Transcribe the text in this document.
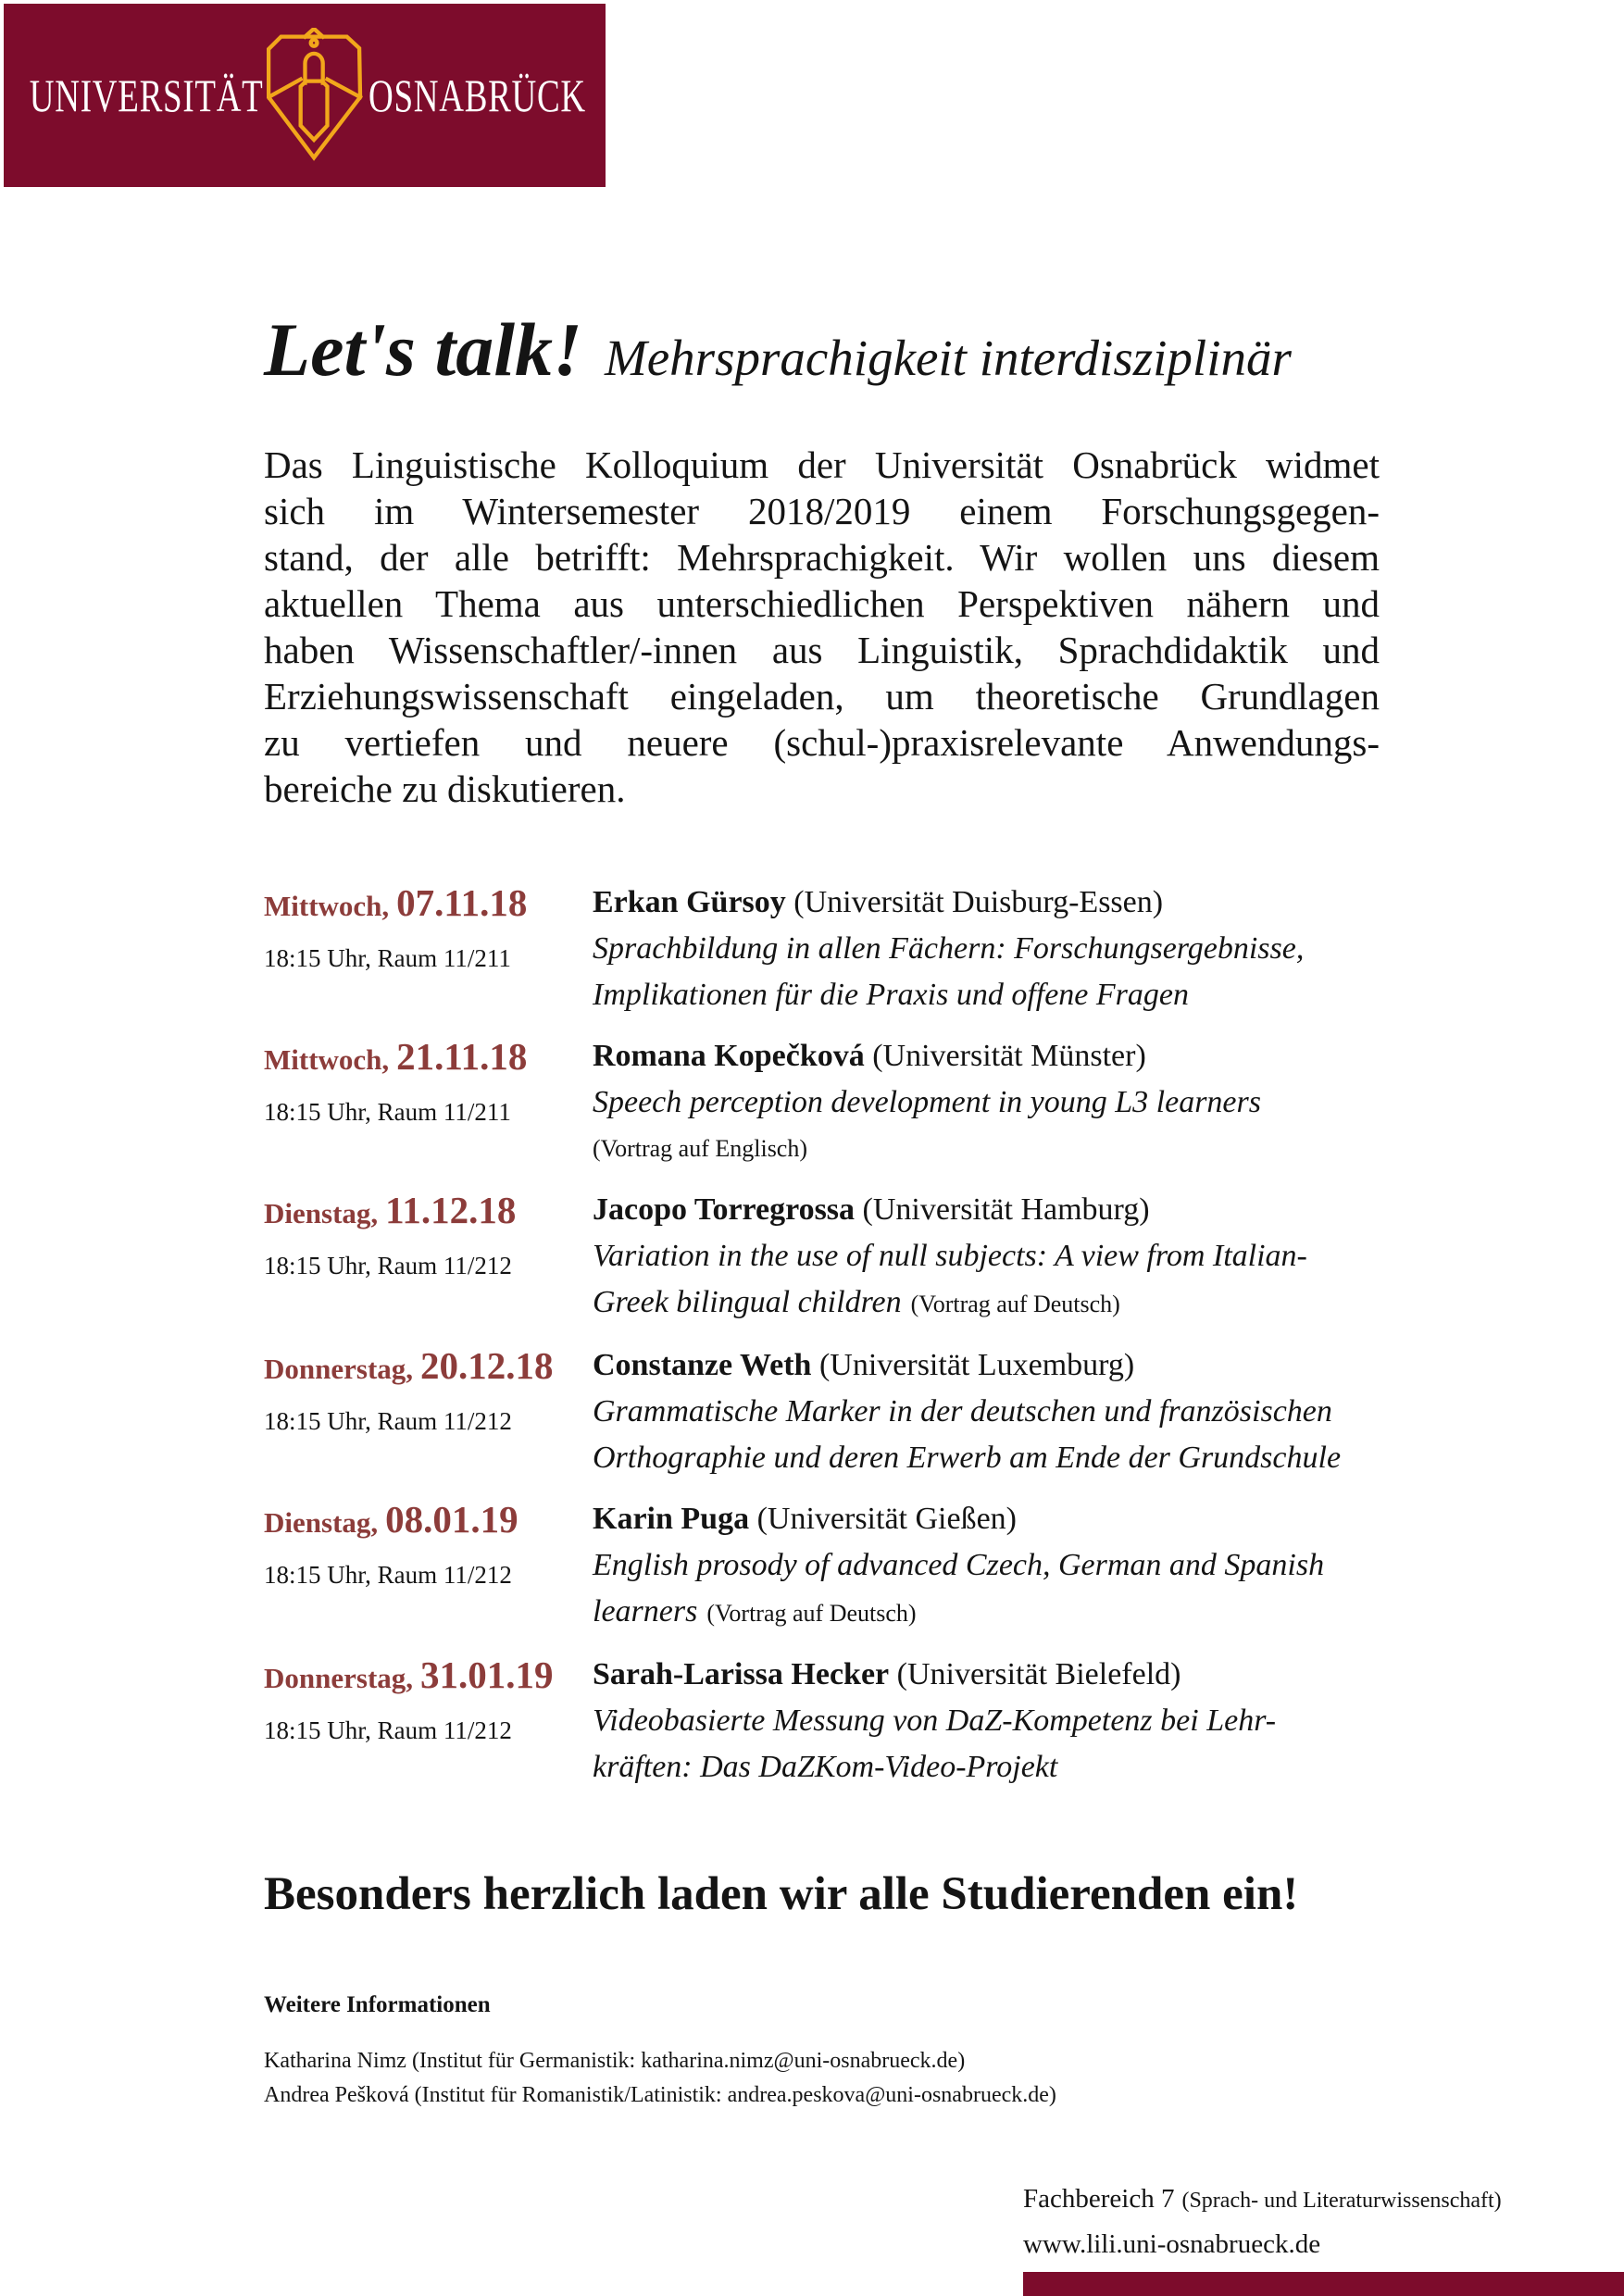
UNIVERSITÄT OSNABRÜCK
Let's talk! Mehrsprachigkeit interdisziplinär
Das Linguistische Kolloquium der Universität Osnabrück widmet
sich im Wintersemester 2018/2019 einem Forschungsgegen-
stand, der alle betrifft: Mehrsprachigkeit. Wir wollen uns diesem
aktuellen Thema aus unterschiedlichen Perspektiven nähern und
haben Wissenschaftler/-innen aus Linguistik, Sprachdidaktik und
Erziehungswissenschaft eingeladen, um theoretische Grundlagen
zu vertiefen und neuere (schul-)praxisrelevante Anwendungs-
bereiche zu diskutieren.
Mittwoch, 07.11.18
18:15 Uhr, Raum 11/211
Erkan Gürsoy (Universität Duisburg-Essen)
Sprachbildung in allen Fächern: Forschungsergebnisse,
Implikationen für die Praxis und offene Fragen
Mittwoch, 21.11.18
18:15 Uhr, Raum 11/211
Romana Kopečková (Universität Münster)
Speech perception development in young L3 learners
(Vortrag auf Englisch)
Dienstag, 11.12.18
18:15 Uhr, Raum 11/212
Jacopo Torregrossa (Universität Hamburg)
Variation in the use of null subjects: A view from Italian-
Greek bilingual children (Vortrag auf Deutsch)
Donnerstag, 20.12.18
18:15 Uhr, Raum 11/212
Constanze Weth (Universität Luxemburg)
Grammatische Marker in der deutschen und französischen
Orthographie und deren Erwerb am Ende der Grundschule
Dienstag, 08.01.19
18:15 Uhr, Raum 11/212
Karin Puga (Universität Gießen)
English prosody of advanced Czech, German and Spanish
learners (Vortrag auf Deutsch)
Donnerstag, 31.01.19
18:15 Uhr, Raum 11/212
Sarah-Larissa Hecker (Universität Bielefeld)
Videobasierte Messung von DaZ-Kompetenz bei Lehr-
kräften: Das DaZKom-Video-Projekt
Besonders herzlich laden wir alle Studierenden ein!
Weitere Informationen
Katharina Nimz (Institut für Germanistik: katharina.nimz@uni-osnabrueck.de)
Andrea Pešková (Institut für Romanistik/Latinistik: andrea.peskova@uni-osnabrueck.de)
Fachbereich 7 (Sprach- und Literaturwissenschaft)
www.lili.uni-osnabrueck.de
